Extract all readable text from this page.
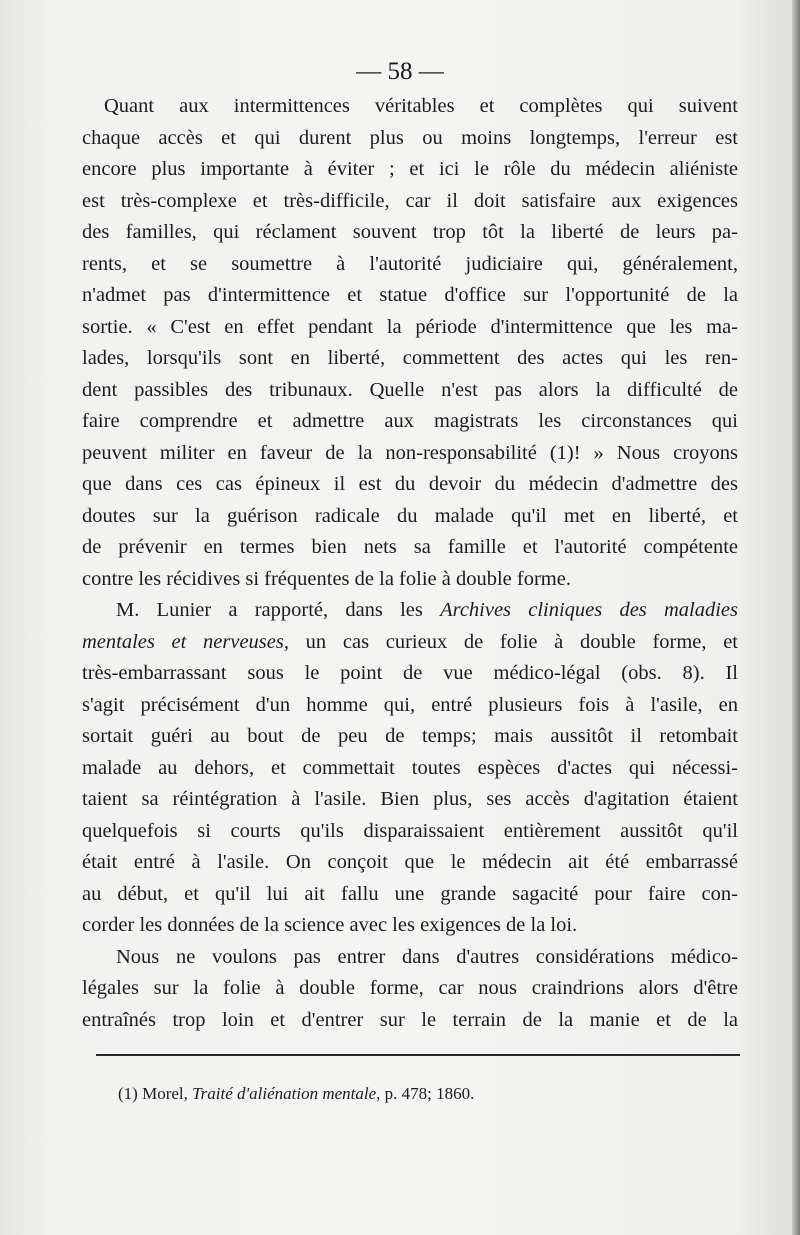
— 58 —
Quant aux intermittences véritables et complètes qui suivent
chaque accès et qui durent plus ou moins longtemps, l'erreur est
encore plus importante à éviter ; et ici le rôle du médecin aliéniste
est très-complexe et très-difficile, car il doit satisfaire aux exigences
des familles, qui réclament souvent trop tôt la liberté de leurs pa-
rents, et se soumettre à l'autorité judiciaire qui, généralement,
n'admet pas d'intermittence et statue d'office sur l'opportunité de la
sortie. « C'est en effet pendant la période d'intermittence que les ma-
lades, lorsqu'ils sont en liberté, commettent des actes qui les ren-
dent passibles des tribunaux. Quelle n'est pas alors la difficulté de
faire comprendre et admettre aux magistrats les circonstances qui
peuvent militer en faveur de la non-responsabilité (1)! » Nous croyons
que dans ces cas épineux il est du devoir du médecin d'admettre des
doutes sur la guérison radicale du malade qu'il met en liberté, et
de prévenir en termes bien nets sa famille et l'autorité compétente
contre les récidives si fréquentes de la folie à double forme.
M. Lunier a rapporté, dans les Archives cliniques des maladies
mentales et nerveuses, un cas curieux de folie à double forme, et
très-embarrassant sous le point de vue médico-légal (obs. 8). Il
s'agit précisément d'un homme qui, entré plusieurs fois à l'asile, en
sortait guéri au bout de peu de temps; mais aussitôt il retombait
malade au dehors, et commettait toutes espèces d'actes qui nécessi-
taient sa réintégration à l'asile. Bien plus, ses accès d'agitation étaient
quelquefois si courts qu'ils disparaissaient entièrement aussitôt qu'il
était entré à l'asile. On conçoit que le médecin ait été embarrassé
au début, et qu'il lui ait fallu une grande sagacité pour faire con-
corder les données de la science avec les exigences de la loi.
Nous ne voulons pas entrer dans d'autres considérations médico-
légales sur la folie à double forme, car nous craindrions alors d'être
entraînés trop loin et d'entrer sur le terrain de la manie et de la
(1) Morel, Traité d'aliénation mentale, p. 478; 1860.
